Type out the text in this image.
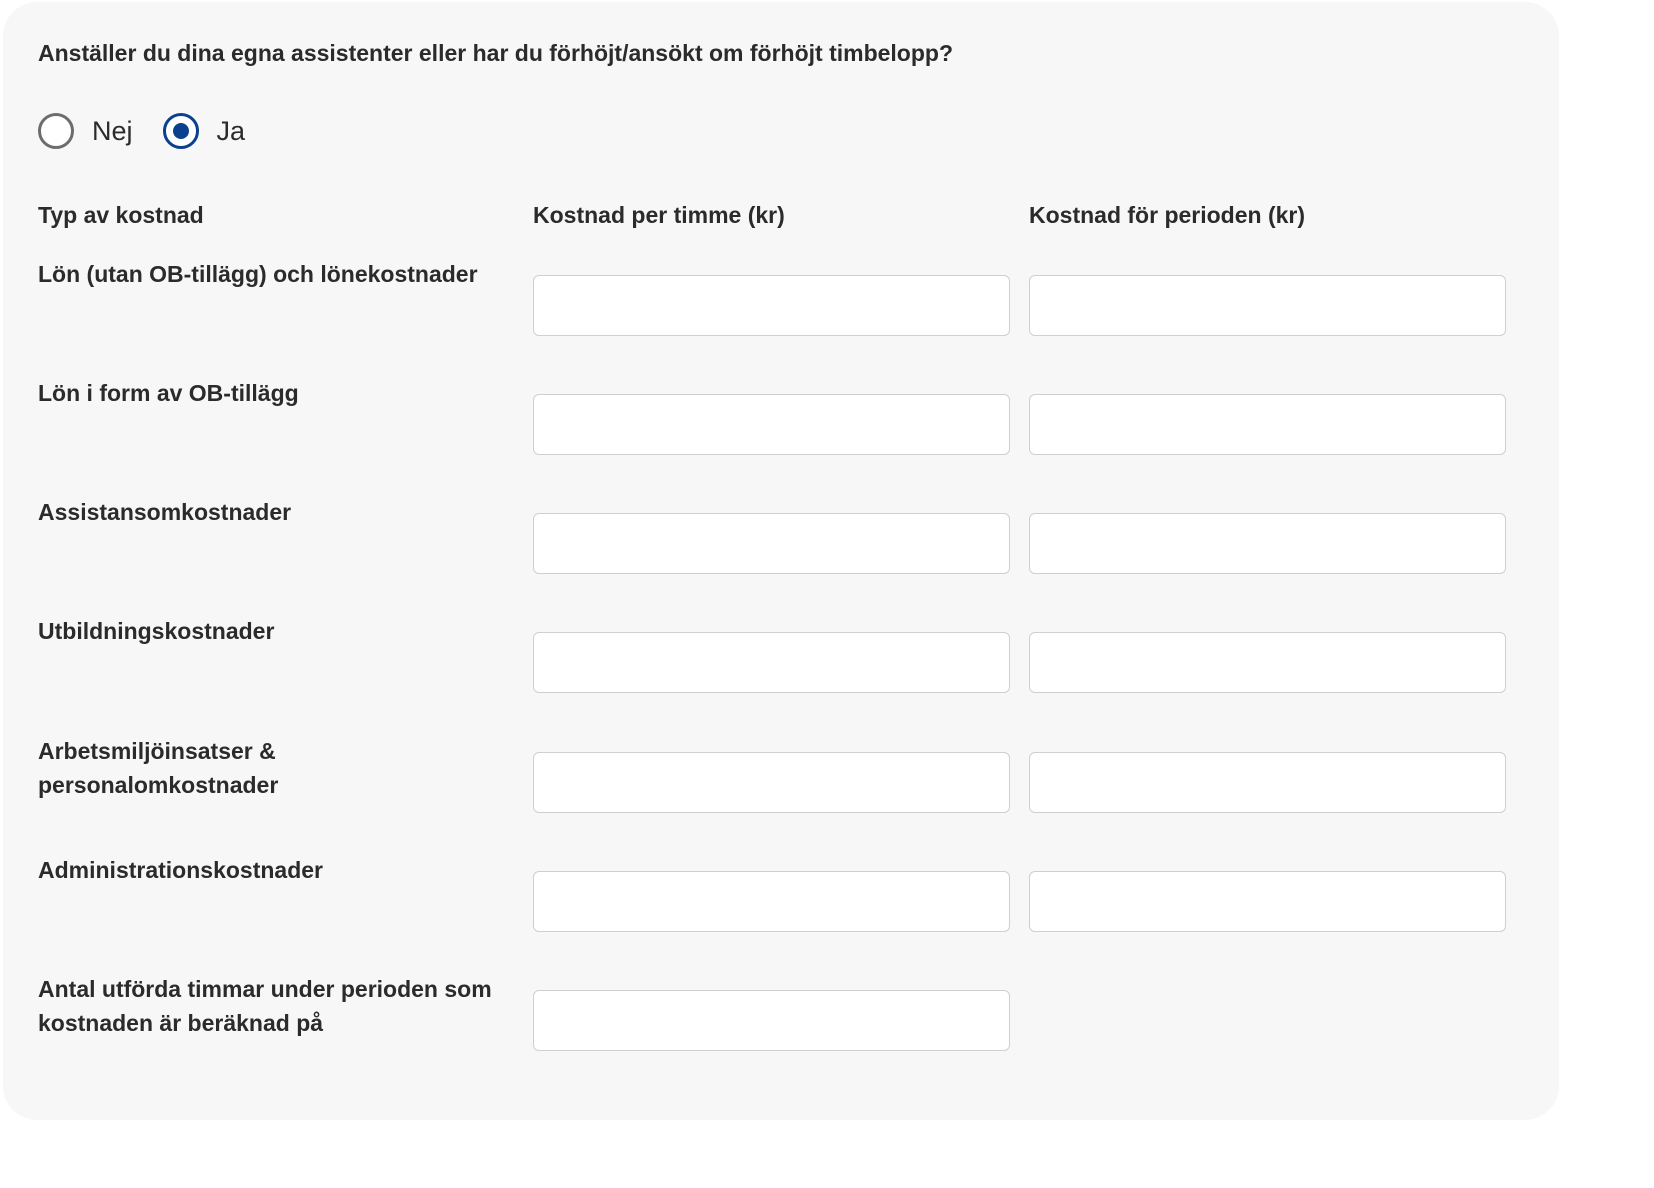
Anställer du dina egna assistenter eller har du förhöjt/ansökt om förhöjt timbelopp?
Nej	Ja
Typ av kostnad	Kostnad per timme (kr)	Kostnad för perioden (kr)
Lön (utan OB-tillägg) och lönekostnader
Lön i form av OB-tillägg
Assistansomkostnader
Utbildningskostnader
Arbetsmiljöinsatser & personalomkostnader
Administrationskostnader
Antal utförda timmar under perioden som kostnaden är beräknad på
